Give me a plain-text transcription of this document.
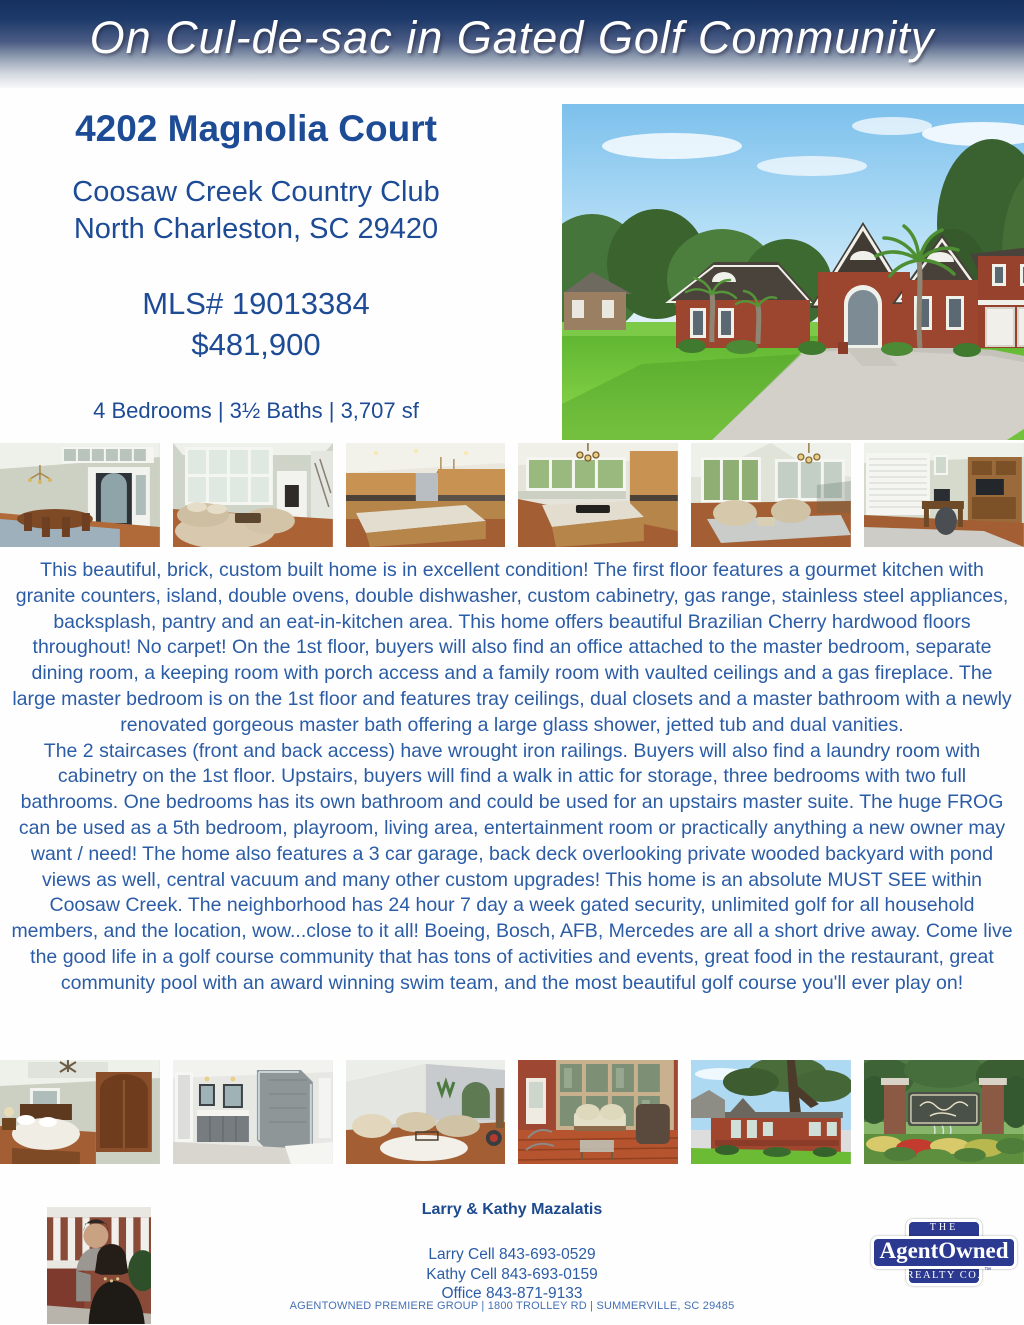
On Cul-de-sac in Gated Golf Community
4202 Magnolia Court
Coosaw Creek Country Club
North Charleston, SC 29420
MLS# 19013384
$481,900
4 Bedrooms | 3½ Baths | 3,707 sf

This beautiful, brick, custom built home is in excellent condition! The first floor features a gourmet kitchen with granite counters, island, double ovens, double dishwasher, custom cabinetry, gas range, stainless steel appliances, backsplash, pantry and an eat-in-kitchen area. This home offers beautiful Brazilian Cherry hardwood floors throughout! No carpet! On the 1st floor, buyers will also find an office attached to the master bedroom, separate dining room, a keeping room with porch access and a family room with vaulted ceilings and a gas fireplace. The large master bedroom is on the 1st floor and features tray ceilings, dual closets and a master bathroom with a newly renovated gorgeous master bath offering a large glass shower, jetted tub and dual vanities.

The 2 staircases (front and back access) have wrought iron railings. Buyers will also find a laundry room with cabinetry on the 1st floor. Upstairs, buyers will find a walk in attic for storage, three bedrooms with two full bathrooms. One bedrooms has its own bathroom and could be used for an upstairs master suite. The huge FROG can be used as a 5th bedroom, playroom, living area, entertainment room or practically anything a new owner may want / need! The home also features a 3 car garage, back deck overlooking private wooded backyard with pond views as well, central vacuum and many other custom upgrades! This home is an absolute MUST SEE within Coosaw Creek. The neighborhood has 24 hour 7 day a week gated security, unlimited golf for all household members, and the location, wow...close to it all! Boeing, Bosch, AFB, Mercedes are all a short drive away. Come live the good life in a golf course community that has tons of activities and events, great food in the restaurant, great community pool with an award winning swim team, and the most beautiful golf course you'll ever play on!

Larry & Kathy Mazalatis
Larry Cell 843-693-0529
Kathy Cell 843-693-0159
Office 843-871-9133
AGENTOWNED PREMIERE GROUP | 1800 TROLLEY RD | SUMMERVILLE, SC 29485
THE
AgentOwned
REALTY CO. ™
